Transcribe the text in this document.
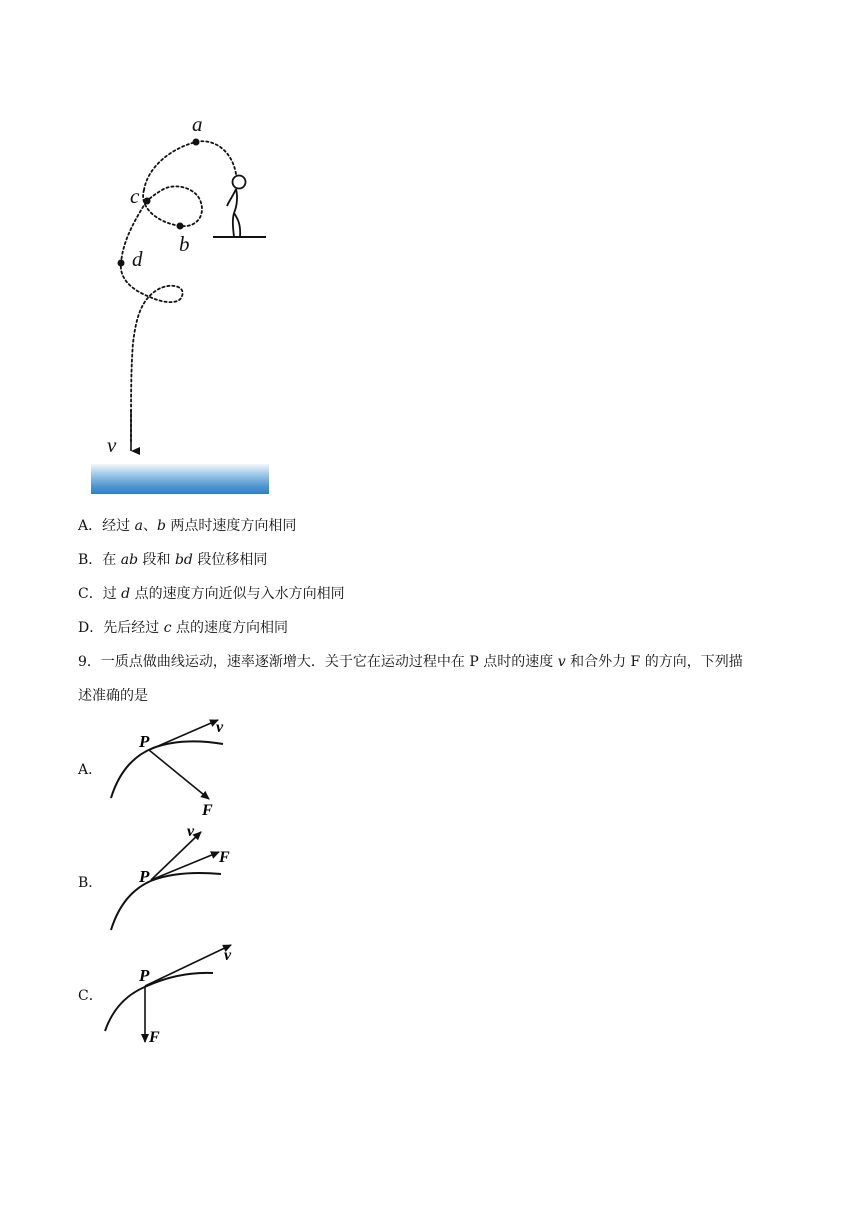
a
c
b
d
v
A．经过 a、b 两点时速度方向相同
B．在 ab 段和 bd 段位移相同
C．过 d 点的速度方向近似与入水方向相同
D．先后经过 c 点的速度方向相同
9．一质点做曲线运动，速率逐渐增大．关于它在运动过程中在 P 点时的速度 v 和合外力 F 的方向，下列描
述准确的是
A．
P
v
F
B． P
v
F
C．
P
v
F
